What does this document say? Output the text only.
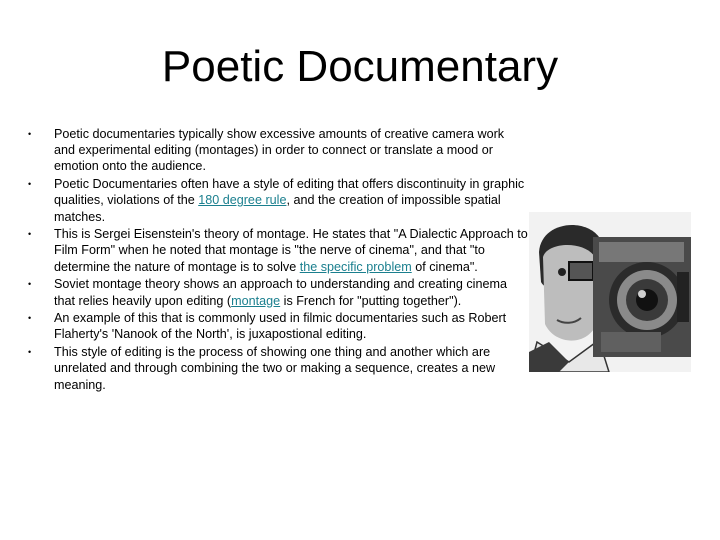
Poetic Documentary
• Poetic documentaries typically show excessive amounts of creative camera work and experimental editing (montages) in order to connect or translate a mood or emotion onto the audience.
• Poetic Documentaries often have a style of editing that offers discontinuity in graphic qualities, violations of the 180 degree rule, and the creation of impossible spatial matches.
• This is Sergei Eisenstein's theory of montage. He states that "A Dialectic Approach to Film Form" when he noted that montage is "the nerve of cinema", and that "to determine the nature of montage is to solve the specific problem of cinema".
• Soviet montage theory shows an approach to understanding and creating cinema that relies heavily upon editing (montage is French for "putting together").
• An example of this that is commonly used in filmic documentaries such as Robert Flaherty's 'Nanook of the North', is juxapostional editing.
• This style of editing is the process of showing one thing and another which are unrelated and through combining the two or making a sequence, creates a new meaning.
